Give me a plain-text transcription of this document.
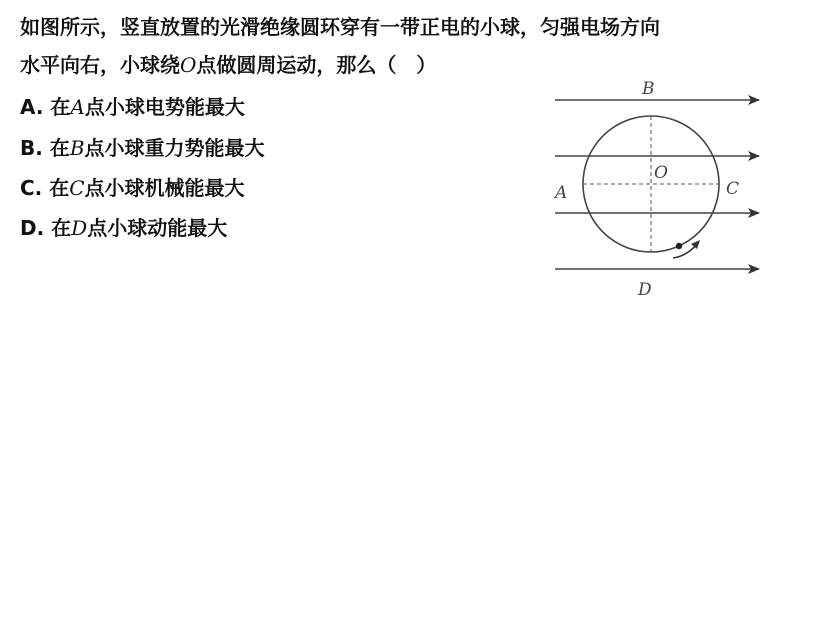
如图所示，竖直放置的光滑绝缘圆环穿有一带正电的小球，匀强电场方向
水平向右，小球绕O点做圆周运动，那么（　）
A. 在A点小球电势能最大
B. 在B点小球重力势能最大
C. 在C点小球机械能最大
D. 在D点小球动能最大
B
O
A	C
D
